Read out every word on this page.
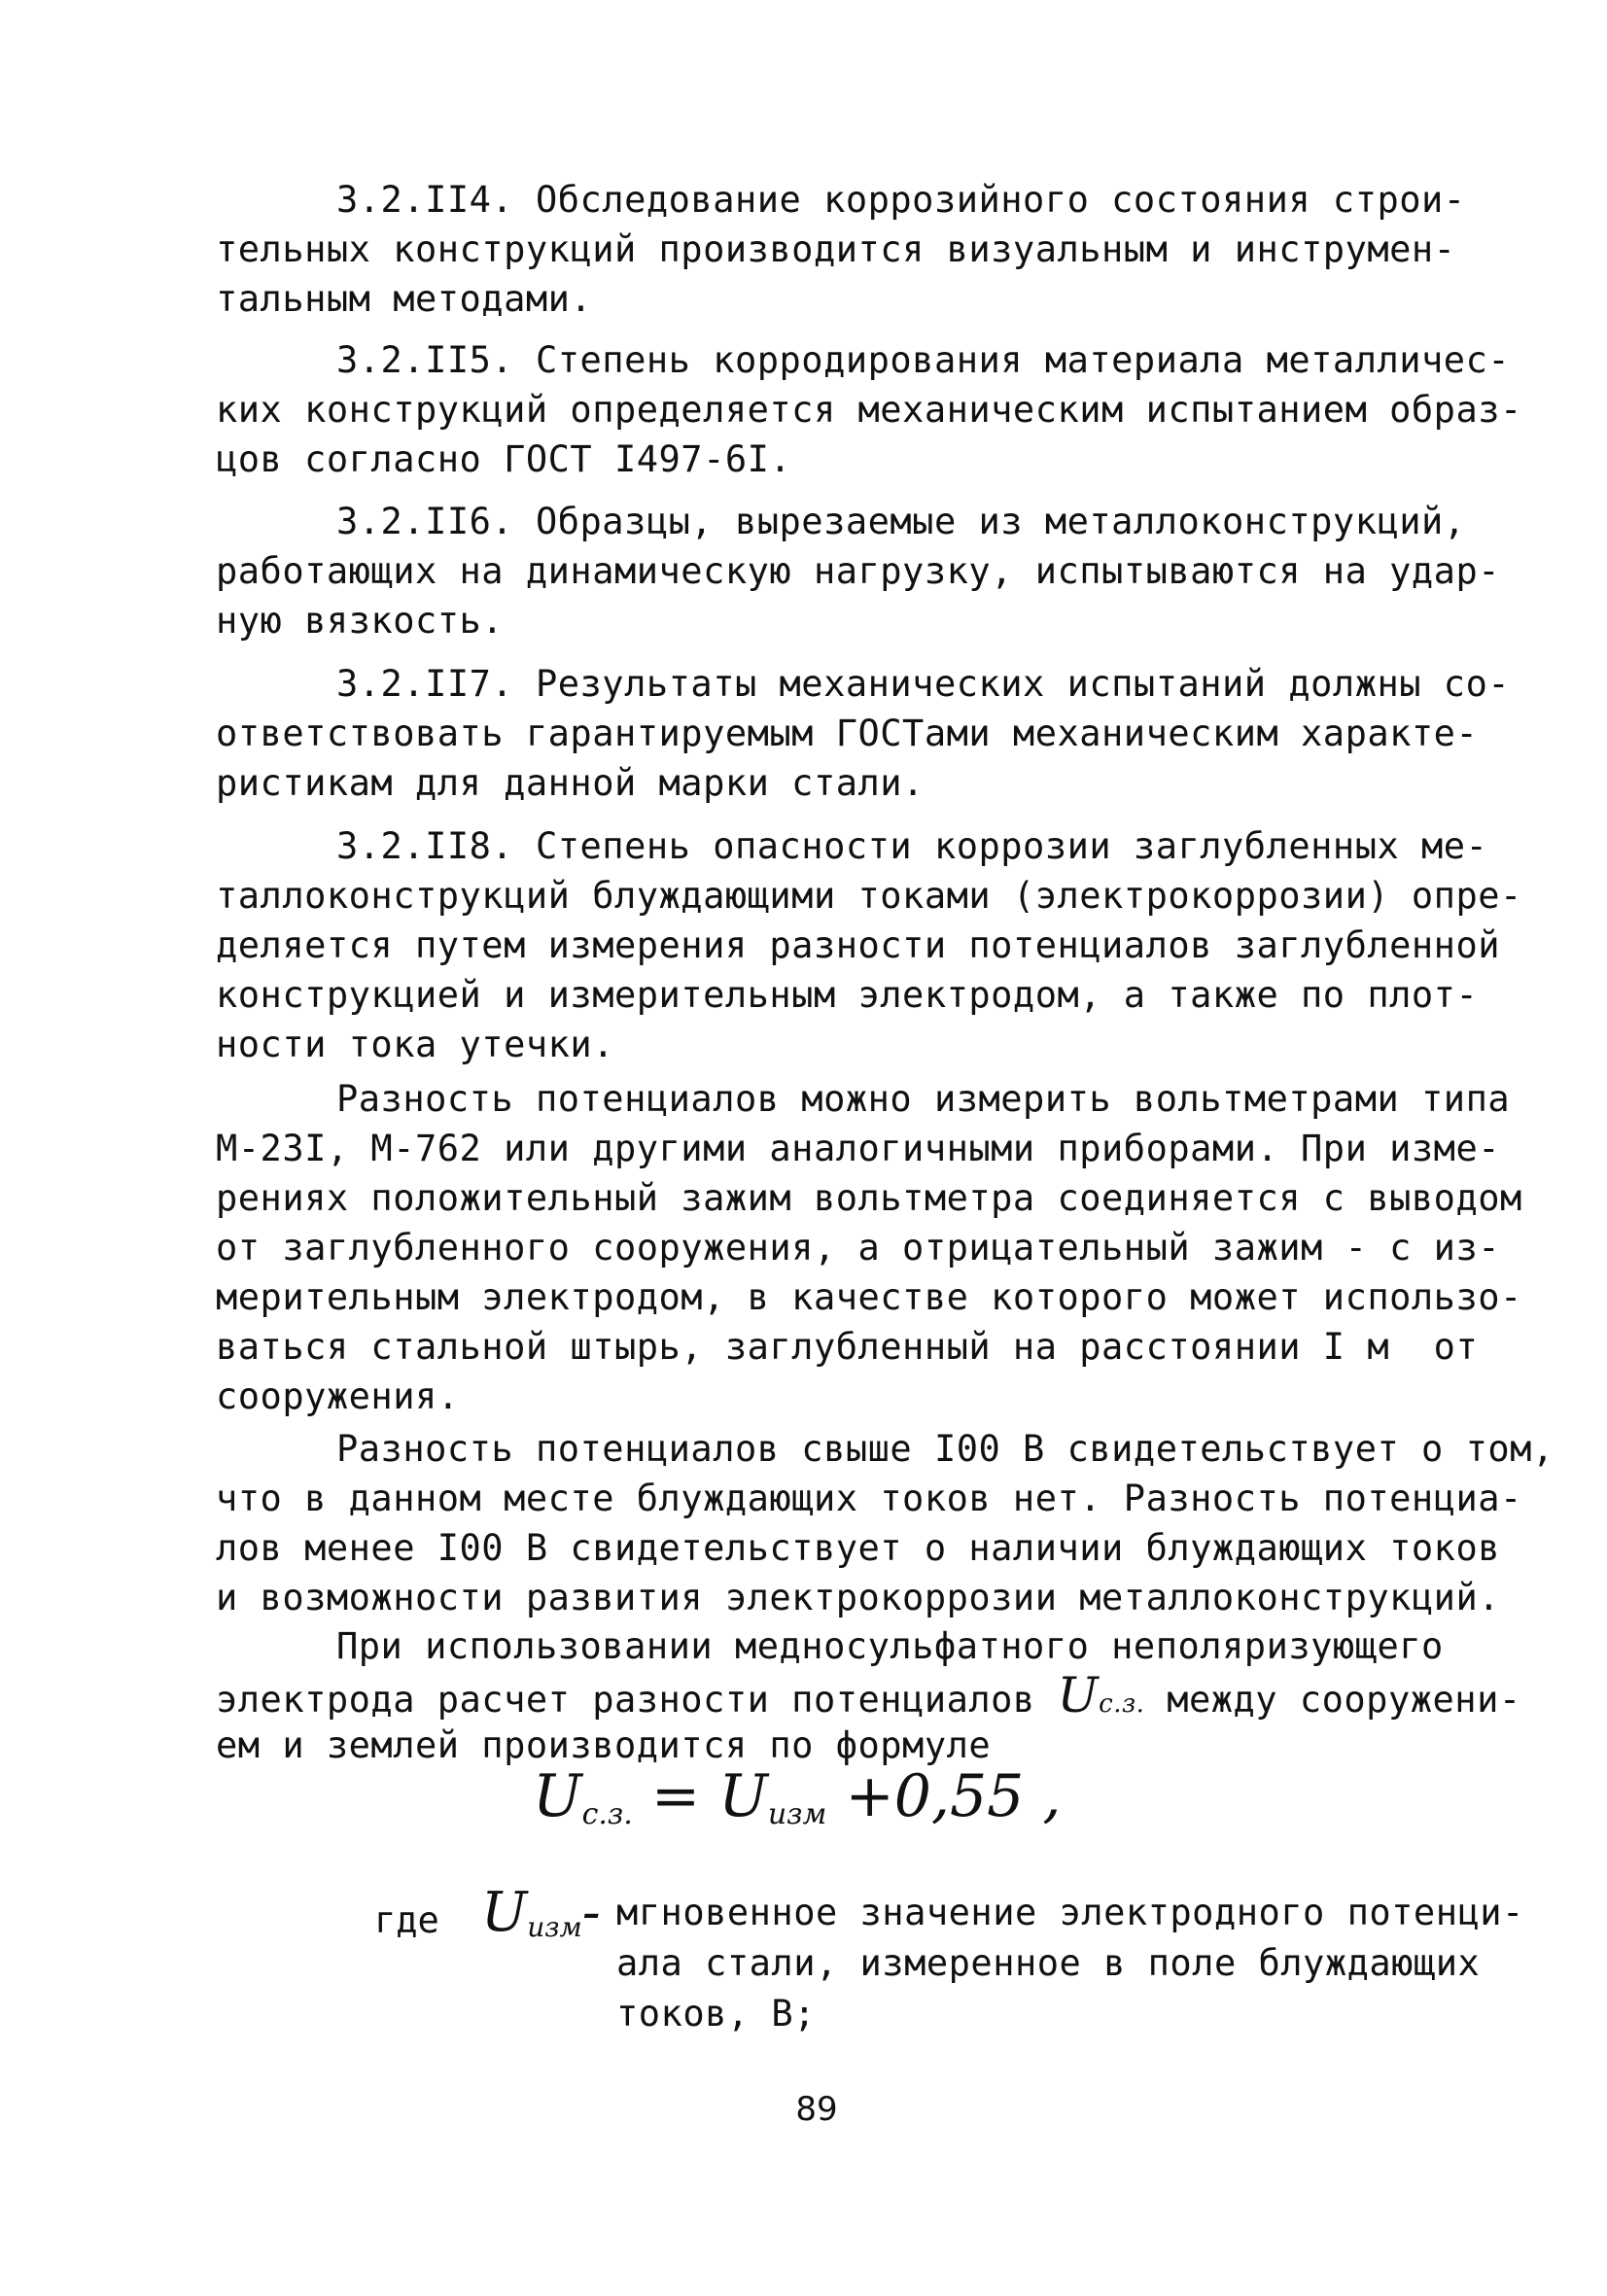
3.2.II4. Обследование коррозийного состояния строи-
тельных конструкций производится визуальным и инструмен-
тальным методами.
3.2.II5. Степень корродирования материала металличес-
ких конструкций определяется механическим испытанием образ-
цов согласно ГОСТ I497-6I.
3.2.II6. Образцы, вырезаемые из металлоконструкций,
работающих на динамическую нагрузку, испытываются на удар-
ную вязкость.
3.2.II7. Результаты механических испытаний должны со-
ответствовать гарантируемым ГОСТами механическим характе-
ристикам для данной марки стали.
3.2.II8. Степень опасности коррозии заглубленных ме-
таллоконструкций блуждающими токами (электрокоррозии) опре-
деляется путем измерения разности потенциалов заглубленной
конструкцией и измерительным электродом, а также по плот-
ности тока утечки.
Разность потенциалов можно измерить вольтметрами типа
М-23I, М-762 или другими аналогичными приборами. При изме-
рениях положительный зажим вольтметра соединяется с выводом
от заглубленного сооружения, а отрицательный зажим - с из-
мерительным электродом, в качестве которого может использо-
ваться стальной штырь, заглубленный на расстоянии I м  от
сооружения.
Разность потенциалов свыше I00 В свидетельствует о том,
что в данном месте блуждающих токов нет. Разность потенциа-
лов менее I00 В свидетельствует о наличии блуждающих токов
и возможности развития электрокоррозии металлоконструкций.
При использовании медносульфатного неполяризующего
электрода расчет разности потенциалов Uс.з. между сооружени-
ем и землей производится по формуле
$U_{с.з.} = U_{изм} +0,55$ ,
где $U_{изм}-$ мгновенное значение электродного потенци-
ала стали, измеренное в поле блуждающих
токов, В;
89
